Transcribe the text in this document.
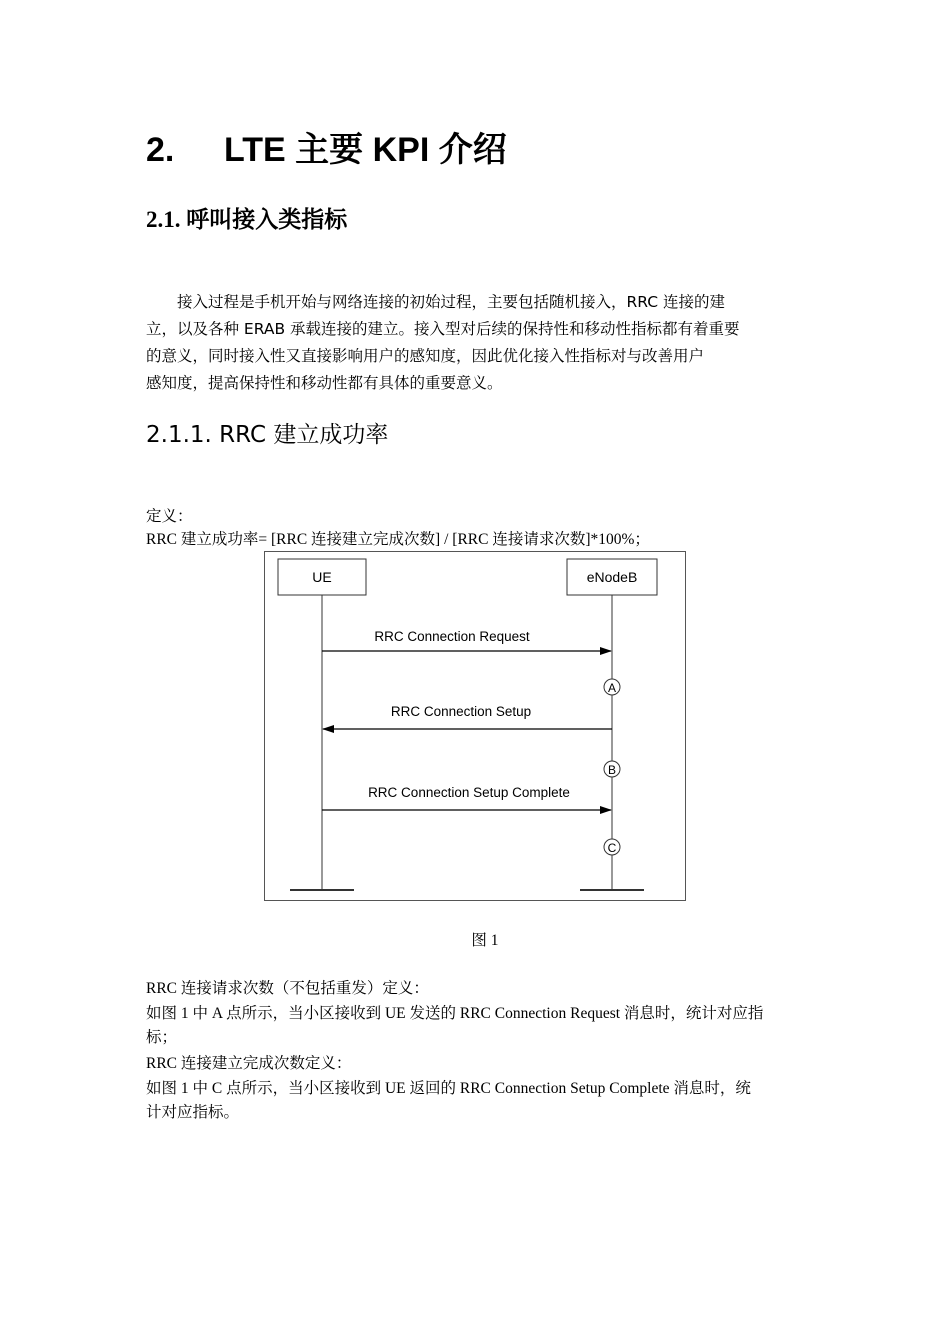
2. LTE 主要 KPI 介绍
2.1. 呼叫接入类指标
接入过程是手机开始与网络连接的初始过程，主要包括随机接入，RRC 连接的建
立，以及各种 ERAB 承载连接的建立。接入型对后续的保持性和移动性指标都有着重要
的意义，同时接入性又直接影响用户的感知度，因此优化接入性指标对与改善用户
感知度，提高保持性和移动性都有具体的重要意义。
2.1.1. RRC 建立成功率
定义：
RRC 建立成功率= [RRC 连接建立完成次数] / [RRC 连接请求次数]*100%；
UE	eNodeB
RRC Connection Request
A
RRC Connection Setup
B
RRC Connection Setup Complete
C
图 1
RRC 连接请求次数（不包括重发）定义：
如图 1 中 A 点所示，当小区接收到 UE 发送的 RRC Connection Request 消息时，统计对应指
标；
RRC 连接建立完成次数定义：
如图 1 中 C 点所示，当小区接收到 UE 返回的 RRC Connection Setup Complete 消息时，统
计对应指标。
